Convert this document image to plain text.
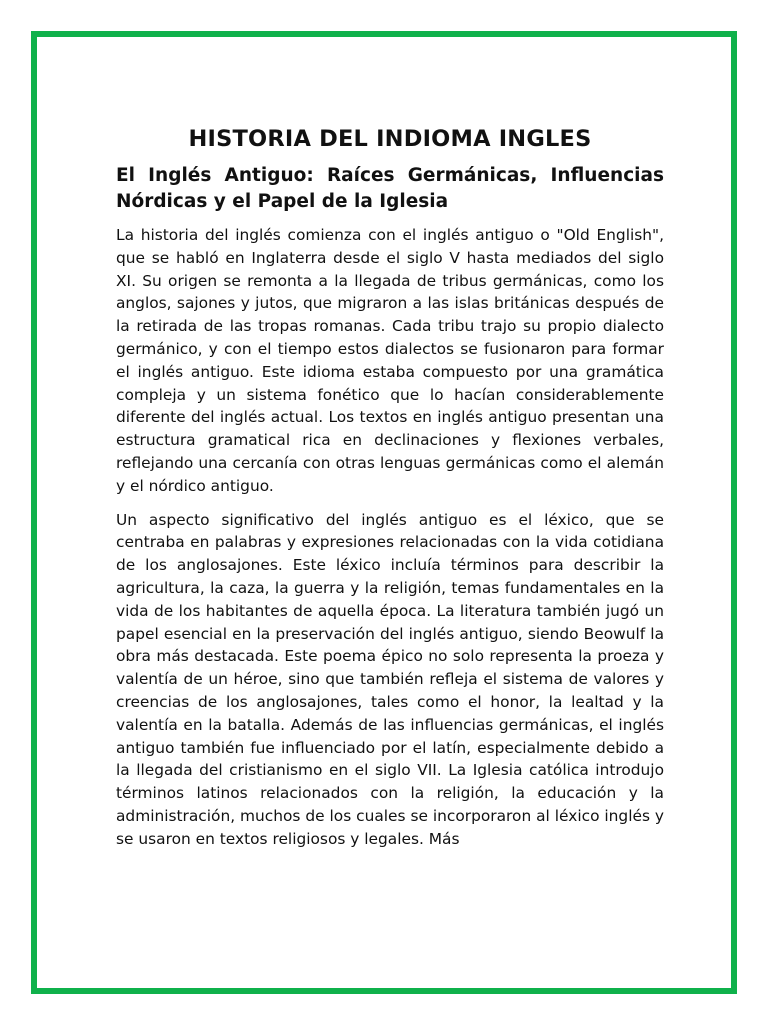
HISTORIA DEL INDIOMA INGLES
El Inglés Antiguo: Raíces Germánicas, Influencias Nórdicas y el Papel de la Iglesia

La historia del inglés comienza con el inglés antiguo o "Old English", que se habló en Inglaterra desde el siglo V hasta mediados del siglo XI. Su origen se remonta a la llegada de tribus germánicas, como los anglos, sajones y jutos, que migraron a las islas británicas después de la retirada de las tropas romanas. Cada tribu trajo su propio dialecto germánico, y con el tiempo estos dialectos se fusionaron para formar el inglés antiguo. Este idioma estaba compuesto por una gramática compleja y un sistema fonético que lo hacían considerablemente diferente del inglés actual. Los textos en inglés antiguo presentan una estructura gramatical rica en declinaciones y flexiones verbales, reflejando una cercanía con otras lenguas germánicas como el alemán y el nórdico antiguo.

Un aspecto significativo del inglés antiguo es el léxico, que se centraba en palabras y expresiones relacionadas con la vida cotidiana de los anglosajones. Este léxico incluía términos para describir la agricultura, la caza, la guerra y la religión, temas fundamentales en la vida de los habitantes de aquella época. La literatura también jugó un papel esencial en la preservación del inglés antiguo, siendo Beowulf la obra más destacada. Este poema épico no solo representa la proeza y valentía de un héroe, sino que también refleja el sistema de valores y creencias de los anglosajones, tales como el honor, la lealtad y la valentía en la batalla. Además de las influencias germánicas, el inglés antiguo también fue influenciado por el latín, especialmente debido a la llegada del cristianismo en el siglo VII. La Iglesia católica introdujo términos latinos relacionados con la religión, la educación y la administración, muchos de los cuales se incorporaron al léxico inglés y se usaron en textos religiosos y legales. Más
